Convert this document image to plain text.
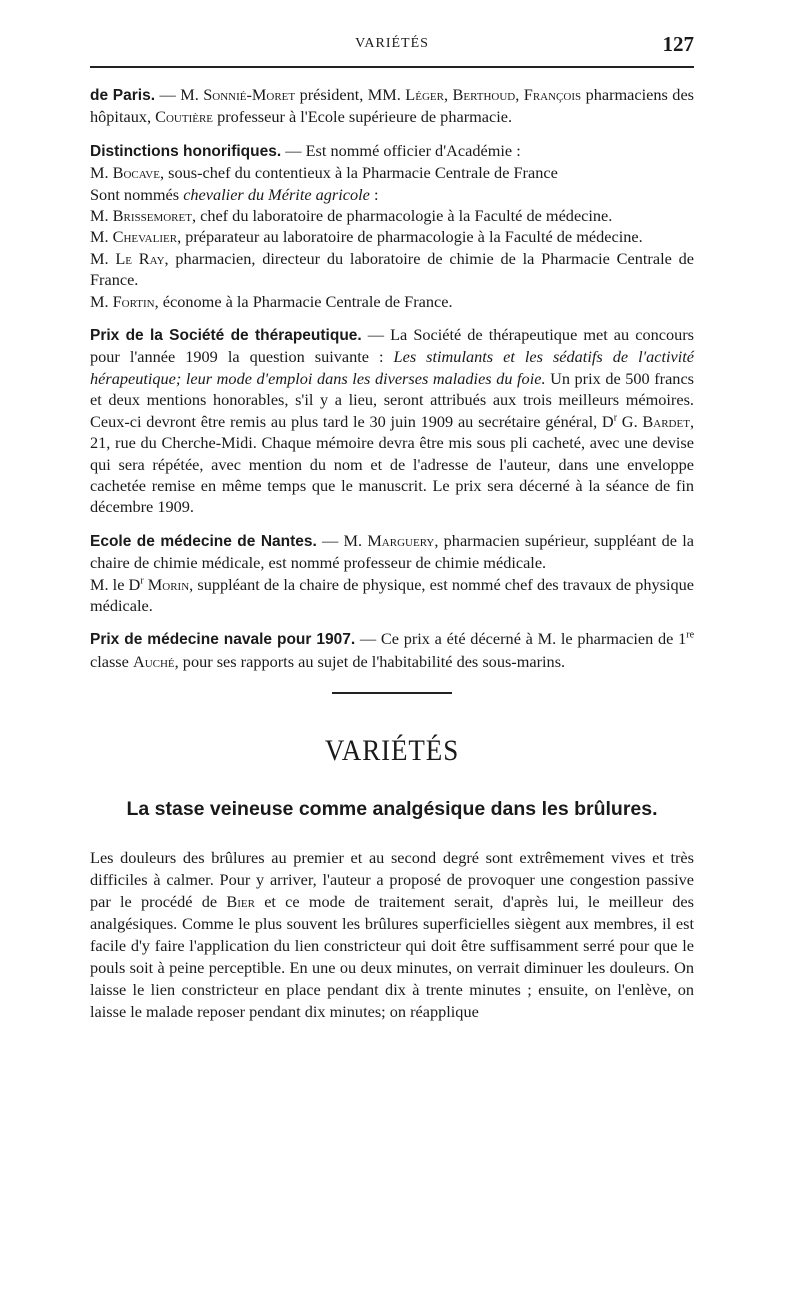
VARIÉTÉS	127

de Paris. — M. Sonnié-Moret président, MM. Léger, Berthoud, François pharmaciens des hôpitaux, Coutière professeur à l'Ecole supérieure de pharmacie.

Distinctions honorifiques. — Est nommé officier d'Académie :

M. Bocave, sous-chef du contentieux à la Pharmacie Centrale de France

Sont nommés chevalier du Mérite agricole :

M. Brissemoret, chef du laboratoire de pharmacologie à la Faculté de médecine.

M. Chevalier, préparateur au laboratoire de pharmacologie à la Faculté de médecine.

M. Le Ray, pharmacien, directeur du laboratoire de chimie de la Pharmacie Centrale de France.

M. Fortin, économe à la Pharmacie Centrale de France.

Prix de la Société de thérapeutique. — La Société de thérapeutique met au concours pour l'année 1909 la question suivante : Les stimulants et les sédatifs de l'activité hérapeutique; leur mode d'emploi dans les diverses maladies du foie. Un prix de 500 francs et deux mentions honorables, s'il y a lieu, seront attribués aux trois meilleurs mémoires. Ceux-ci devront être remis au plus tard le 30 juin 1909 au secrétaire général, $D^r$ G. Bardet, 21, rue du Cherche-Midi. Chaque mémoire devra être mis sous pli cacheté, avec une devise qui sera répétée, avec mention du nom et de l'adresse de l'auteur, dans une enveloppe cachetée remise en même temps que le manuscrit. Le prix sera décerné à la séance de fin décembre 1909.

Ecole de médecine de Nantes. — M. Marguery, pharmacien supérieur, suppléant de la chaire de chimie médicale, est nommé professeur de chimie médicale.

M. le $D^r$ Morin, suppléant de la chaire de physique, est nommé chef des travaux de physique médicale.

Prix de médecine navale pour 1907. — Ce prix a été décerné à M. le pharmacien de 1re classe Auché, pour ses rapports au sujet de l'habitabilité des sous-marins.

VARIÉTÉS
La stase veineuse comme analgésique dans les brûlures.

Les douleurs des brûlures au premier et au second degré sont extrêmement vives et très difficiles à calmer. Pour y arriver, l'auteur a proposé de provoquer une congestion passive par le procédé de Bier et ce mode de traitement serait, d'après lui, le meilleur des analgésiques. Comme le plus souvent les brûlures superficielles siègent aux membres, il est facile d'y faire l'application du lien constricteur qui doit être suffisamment serré pour que le pouls soit à peine perceptible. En une ou deux minutes, on verrait diminuer les douleurs. On laisse le lien constricteur en place pendant dix à trente minutes ; ensuite, on l'enlève, on laisse le malade reposer pendant dix minutes; on réapplique
